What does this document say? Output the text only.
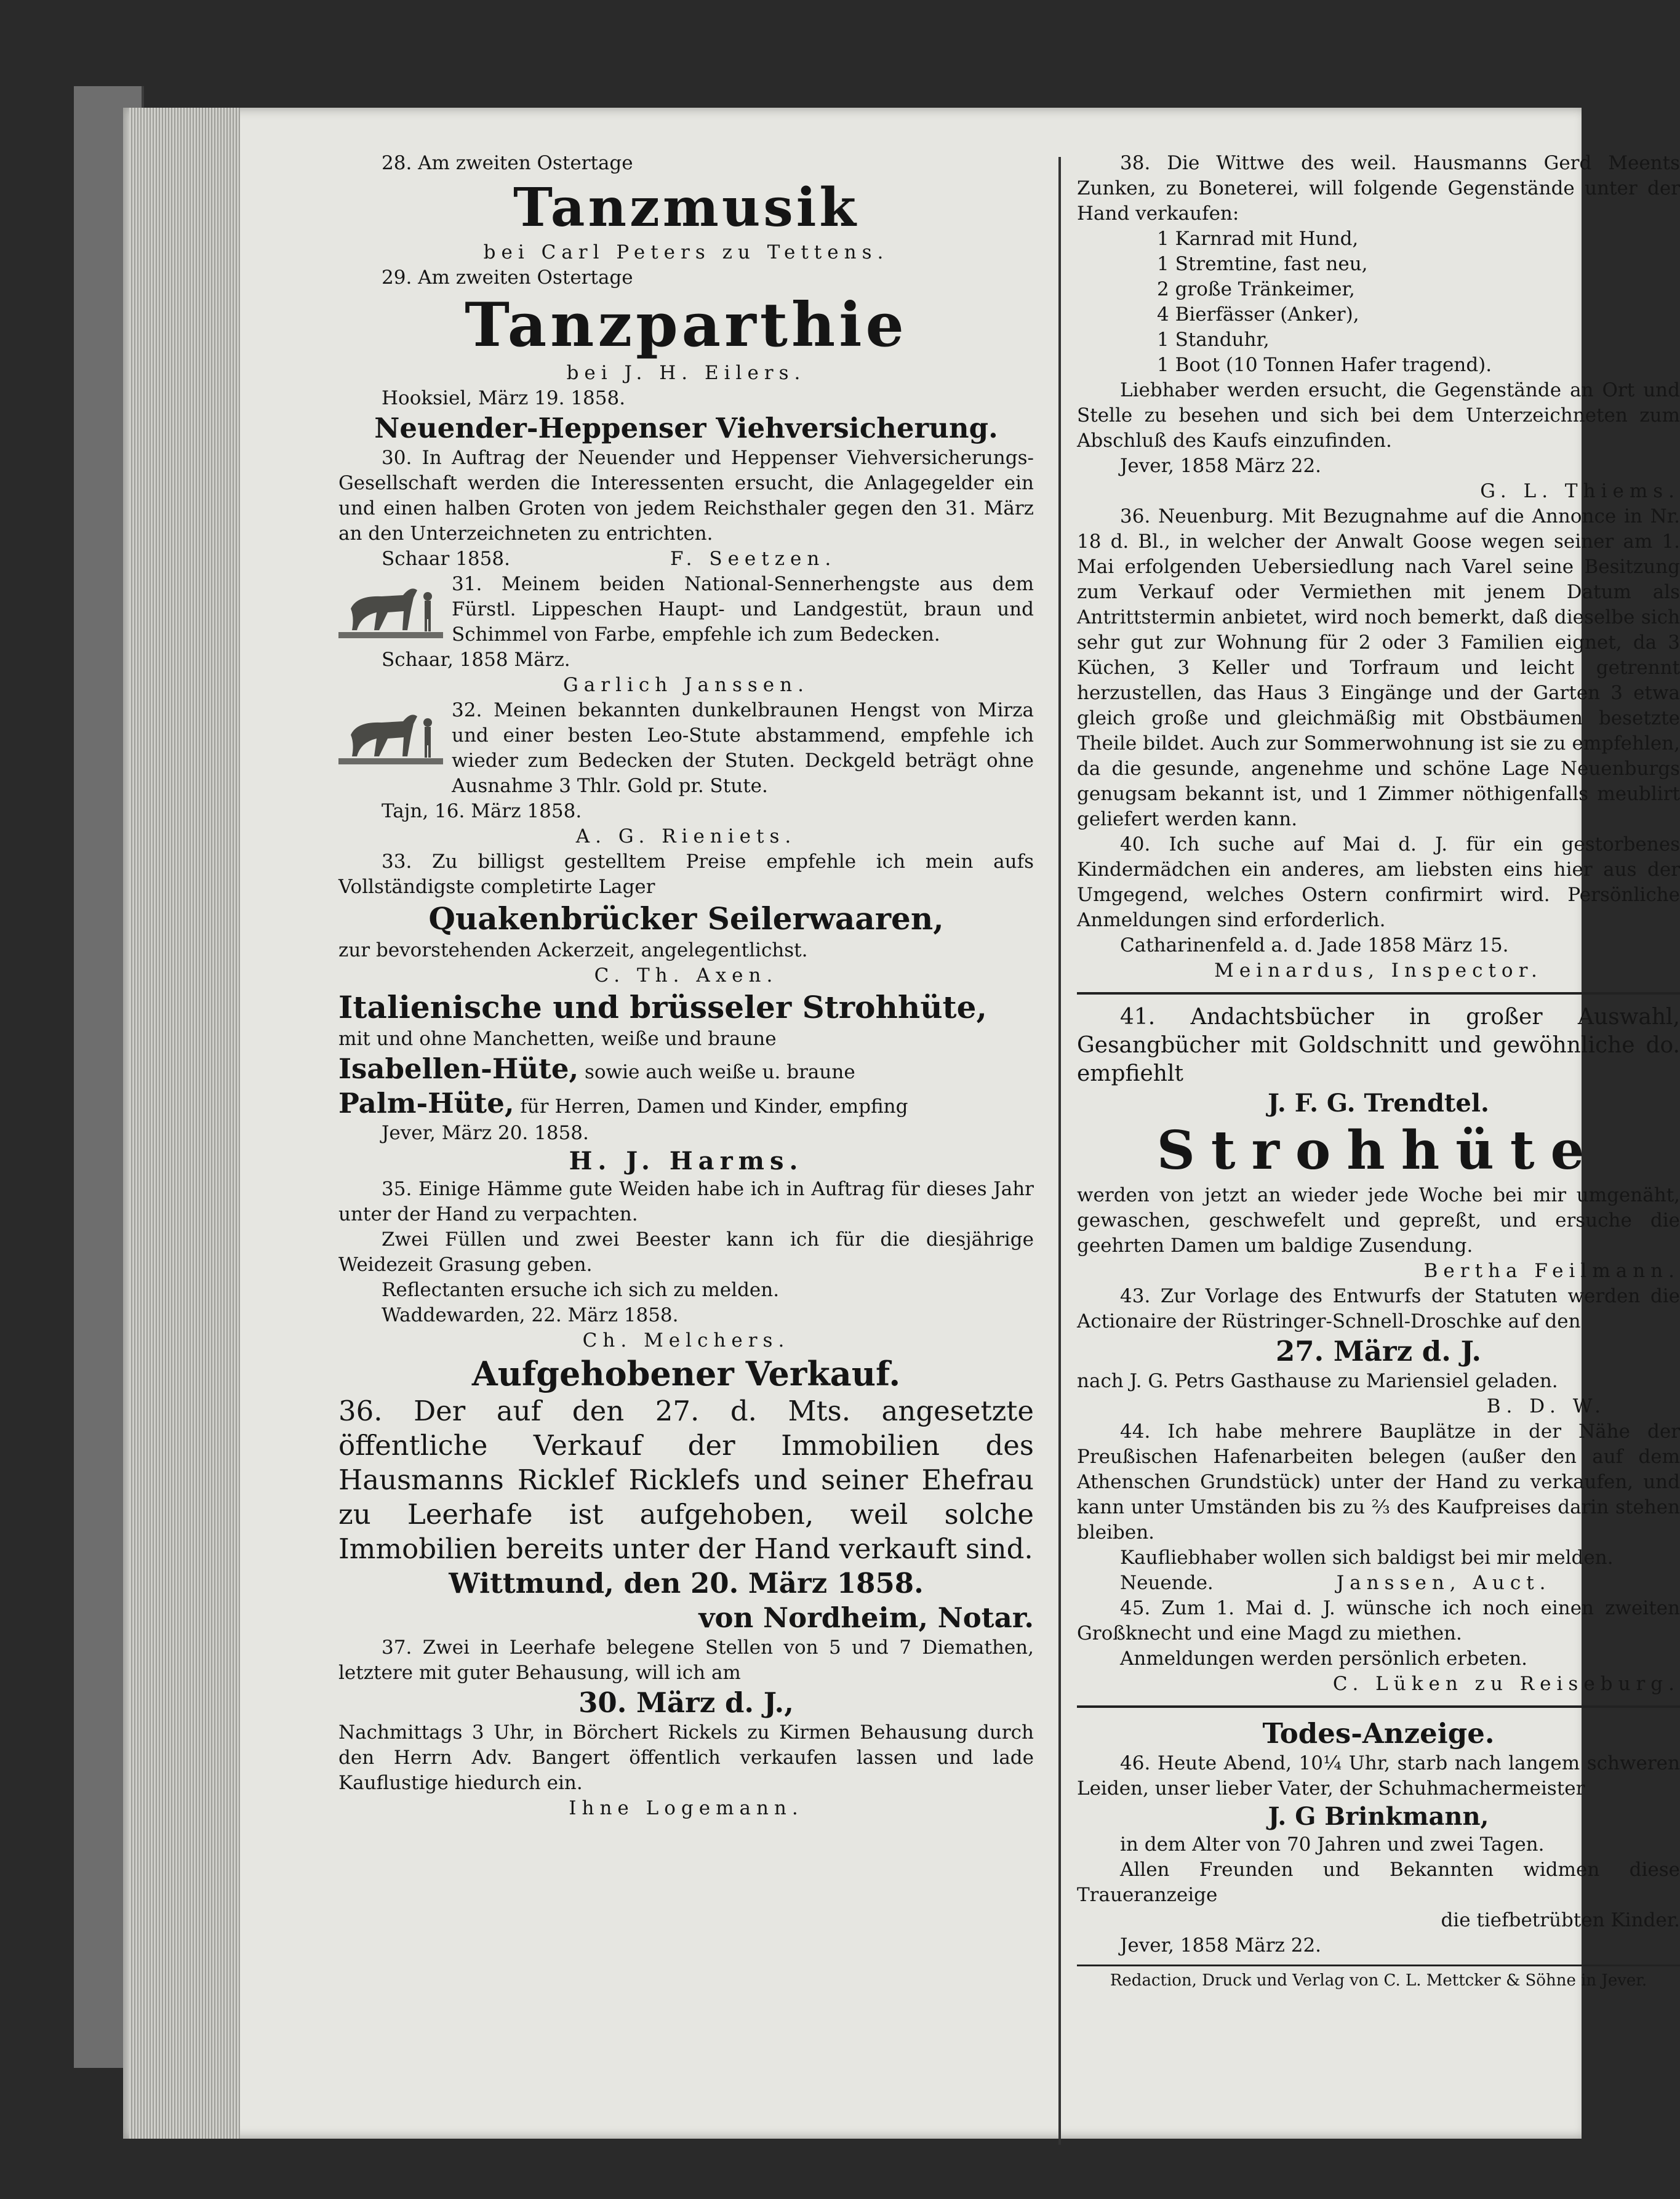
28. Am zweiten Ostertage

Tanzmusik

bei Carl Peters zu Tettens.

29. Am zweiten Ostertage

Tanzparthie

bei J. H. Eilers.

Hooksiel, März 19. 1858.

Neuender-Heppenser Viehversicherung.

30. In Auftrag der Neuender und Heppenser Viehversicherungs-Gesellschaft werden die Interessenten ersucht, die Anlagegelder ein und einen halben Groten von jedem Reichsthaler gegen den 31. März an den Unterzeichneten zu entrichten.

Schaar 1858.	F. Seetzen.

31. Meinem beiden National-Sennerhengste aus dem Fürstl. Lippeschen Haupt- und Landgestüt, braun und Schimmel von Farbe, empfehle ich zum Bedecken.

Schaar, 1858 März.

Garlich Janssen.

32. Meinen bekannten dunkelbraunen Hengst von Mirza und einer besten Leo-Stute abstammend, empfehle ich wieder zum Bedecken der Stuten. Deckgeld beträgt ohne Ausnahme 3 Thlr. Gold pr. Stute.

Tajn, 16. März 1858.

A. G. Rieniets.

33. Zu billigst gestelltem Preise empfehle ich mein aufs Vollständigste completirte Lager

Quakenbrücker Seilerwaaren,

zur bevorstehenden Ackerzeit, angelegentlichst.

C. Th. Axen.

Italienische und brüsseler Strohhüte,

mit und ohne Manchetten, weiße und braune

Isabellen-Hüte, sowie auch weiße u. braune

Palm-Hüte, für Herren, Damen und Kinder, empfing

Jever, März 20. 1858.

H. J. Harms.

35. Einige Hämme gute Weiden habe ich in Auftrag für dieses Jahr unter der Hand zu verpachten.

Zwei Füllen und zwei Beester kann ich für die diesjährige Weidezeit Grasung geben.

Reflectanten ersuche ich sich zu melden.

Waddewarden, 22. März 1858.

Ch. Melchers.

Aufgehobener Verkauf.

36. Der auf den 27. d. Mts. angesetzte öffentliche Verkauf der Immobilien des Hausmanns Ricklef Ricklefs und seiner Ehefrau zu Leerhafe ist aufgehoben, weil solche Immobilien bereits unter der Hand verkauft sind.

Wittmund, den 20. März 1858.

von Nordheim, Notar.

37. Zwei in Leerhafe belegene Stellen von 5 und 7 Diemathen, letztere mit guter Behausung, will ich am

30. März d. J.,

Nachmittags 3 Uhr, in Börchert Rickels zu Kirmen Behausung durch den Herrn Adv. Bangert öffentlich verkaufen lassen und lade Kauflustige hiedurch ein.

Ihne Logemann.

38. Die Wittwe des weil. Hausmanns Gerd Meents Zunken, zu Boneterei, will folgende Gegenstände unter der Hand verkaufen:

1 Karnrad mit Hund,

1 Stremtine, fast neu,

2 große Tränkeimer,

4 Bierfässer (Anker),

1 Standuhr,

1 Boot (10 Tonnen Hafer tragend).

Liebhaber werden ersucht, die Gegenstände an Ort und Stelle zu besehen und sich bei dem Unterzeichneten zum Abschluß des Kaufs einzufinden.

Jever, 1858 März 22.

G. L. Thiems.

36. Neuenburg. Mit Bezugnahme auf die Annonce in Nr. 18 d. Bl., in welcher der Anwalt Goose wegen seiner am 1. Mai erfolgenden Uebersiedlung nach Varel seine Besitzung zum Verkauf oder Vermiethen mit jenem Datum als Antrittstermin anbietet, wird noch bemerkt, daß dieselbe sich sehr gut zur Wohnung für 2 oder 3 Familien eignet, da 3 Küchen, 3 Keller und Torfraum und leicht getrennt herzustellen, das Haus 3 Eingänge und der Garten 3 etwa gleich große und gleichmäßig mit Obstbäumen besetzte Theile bildet. Auch zur Sommerwohnung ist sie zu empfehlen, da die gesunde, angenehme und schöne Lage Neuenburgs genugsam bekannt ist, und 1 Zimmer nöthigenfalls meublirt geliefert werden kann.

40. Ich suche auf Mai d. J. für ein gestorbenes Kindermädchen ein anderes, am liebsten eins hier aus der Umgegend, welches Ostern confirmirt wird. Persönliche Anmeldungen sind erforderlich.

Catharinenfeld a. d. Jade 1858 März 15.

Meinardus, Inspector.

41. Andachtsbücher in großer Auswahl, Gesangbücher mit Goldschnitt und gewöhnliche do. empfiehlt

J. F. G. Trendtel.

Strohhüte

werden von jetzt an wieder jede Woche bei mir umgenäht, gewaschen, geschwefelt und gepreßt, und ersuche die geehrten Damen um baldige Zusendung.

Bertha Feilmann.

43. Zur Vorlage des Entwurfs der Statuten werden die Actionaire der Rüstringer-Schnell-Droschke auf den

27. März d. J.

nach J. G. Petrs Gasthause zu Mariensiel geladen.

B. D. W.

44. Ich habe mehrere Bauplätze in der Nähe der Preußischen Hafenarbeiten belegen (außer den auf dem Athenschen Grundstück) unter der Hand zu verkaufen, und kann unter Umständen bis zu ⅔ des Kaufpreises darin stehen bleiben.

Kaufliebhaber wollen sich baldigst bei mir melden.

Neuende.	Janssen, Auct.

45. Zum 1. Mai d. J. wünsche ich noch einen zweiten Großknecht und eine Magd zu miethen.

Anmeldungen werden persönlich erbeten.

C. Lüken zu Reiseburg.

Todes-Anzeige.

46. Heute Abend, 10¼ Uhr, starb nach langem schweren Leiden, unser lieber Vater, der Schuhmachermeister

J. G Brinkmann,

in dem Alter von 70 Jahren und zwei Tagen.

Allen Freunden und Bekannten widmen diese Traueranzeige

die tiefbetrübten Kinder.

Jever, 1858 März 22.

Redaction, Druck und Verlag von C. L. Mettcker & Söhne in Jever.
